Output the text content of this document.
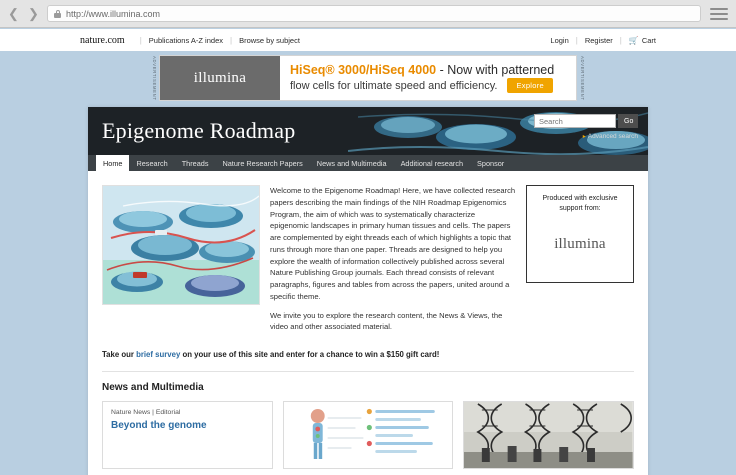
❮ ❯	http://www.illumina.com
nature.com | Publications A-Z index | Browse by subject	Login | Register | 🛒 Cart
ADVERTISEMENT illumina	HiSeq® 3000/HiSeq 4000 - Now with patterned
flow cells for ultimate speed and efficiency.	Explore	ADVERTISEMENT
Epigenome Roadmap
Search	Go
▸ Advanced search
Home	Research	Threads	Nature Research Papers	News and Multimedia	Additional research	Sponsor

Welcome to the Epigenome Roadmap! Here, we have collected research papers describing the main findings of the NIH Roadmap Epigenomics Program, the aim of which was to systematically characterize epigenomic landscapes in primary human tissues and cells. The papers are complemented by eight threads each of which highlights a topic that runs through more than one paper. Threads are designed to help you explore the wealth of information collectively published across several Nature Publishing Group journals. Each thread consists of relevant paragraphs, figures and tables from across the papers, united around a specific theme.

We invite you to explore the research content, the News & Views, the video and other associated material.

Produced with exclusive support from:
illumina
Take our brief survey on your use of this site and enter for a chance to win a $150 gift card!
News and Multimedia
Nature News | Editorial
Beyond the genome
